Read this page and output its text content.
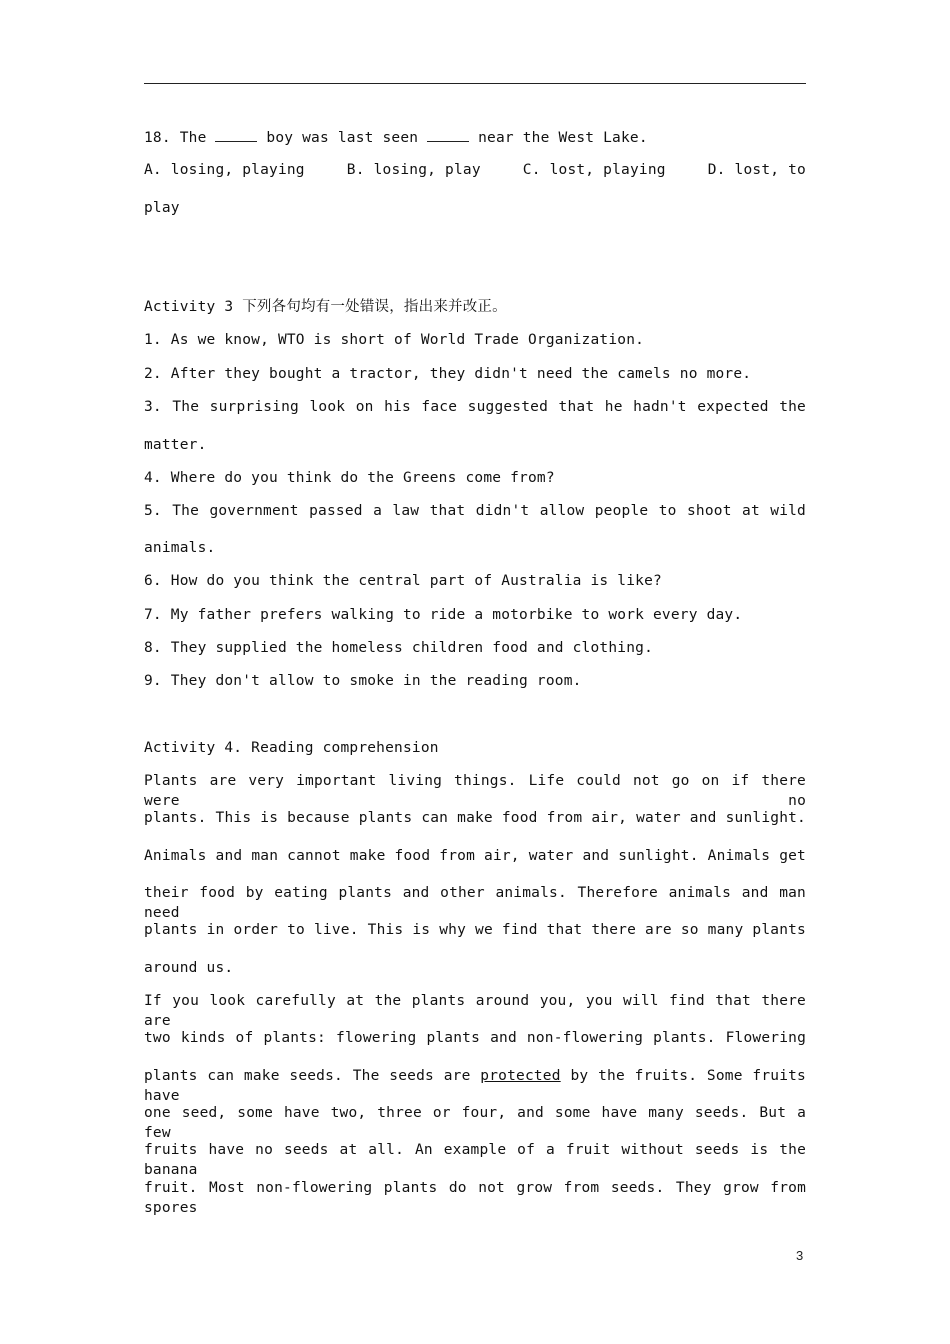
18. The	boy was last seen	near the West Lake.
A. losing, playing	B. losing, play	C. lost, playing	D. lost, to
play
Activity 3 下列各句均有一处错误，指出来并改正。
1. As we know, WTO is short of World Trade Organization.
2. After they bought a tractor, they didn't need the camels no more.
3. The surprising look on his face suggested that he hadn't expected the
matter.
4. Where do you think do the Greens come from?
5. The government passed a law that didn't allow people to shoot at wild
animals.
6. How do you think the central part of Australia is like?
7. My father prefers walking to ride a motorbike to work every day.
8. They supplied the homeless children food and clothing.
9. They don't allow to smoke in the reading room.
Activity 4. Reading comprehension
Plants are very important living things. Life could not go on if there were no
plants. This is because plants can make food from air, water and sunlight.
Animals and man cannot make food from air, water and sunlight. Animals get
their food by eating plants and other animals. Therefore animals and man need
plants in order to live. This is why we find that there are so many plants
around us.
If you look carefully at the plants around you, you will find that there are
two kinds of plants: flowering plants and non-flowering plants. Flowering
plants can make seeds. The seeds are protected by the fruits. Some fruits have
one seed, some have two, three or four, and some have many seeds. But a few
fruits have no seeds at all. An example of a fruit without seeds is the banana
fruit. Most non-flowering plants do not grow from seeds. They grow from spores
3
